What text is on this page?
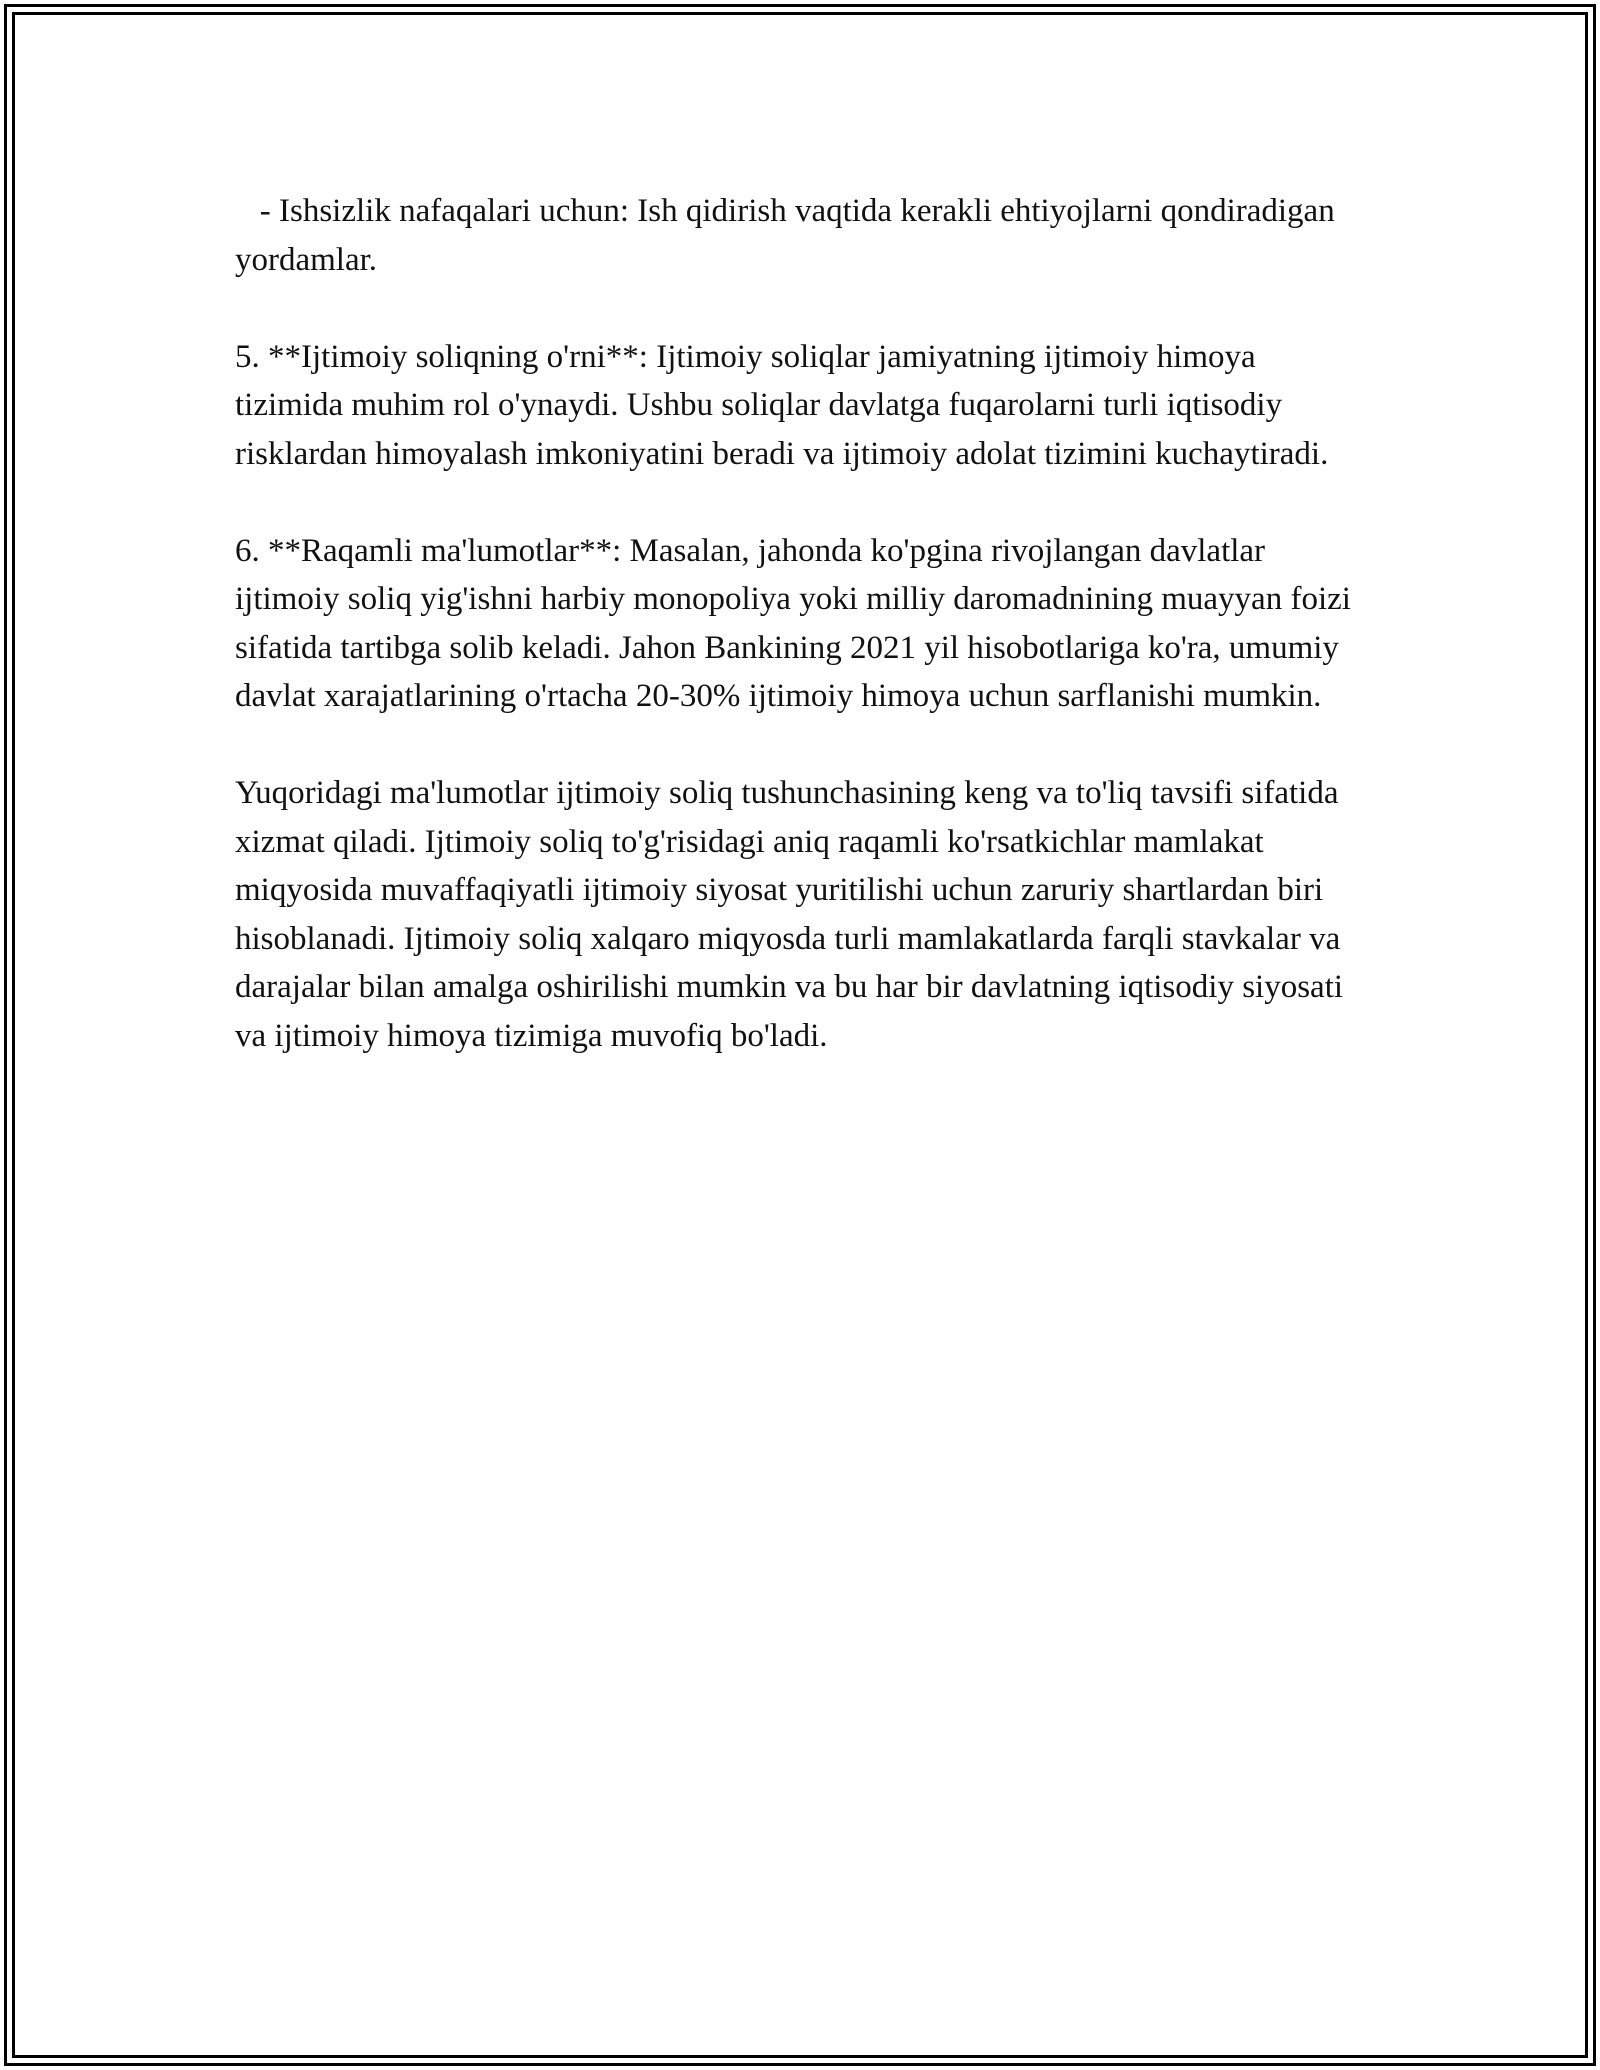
- Ishsizlik nafaqalari uchun: Ish qidirish vaqtida kerakli ehtiyojlarni qondiradigan yordamlar.

5. **Ijtimoiy soliqning o'rni**: Ijtimoiy soliqlar jamiyatning ijtimoiy himoya tizimida muhim rol o'ynaydi. Ushbu soliqlar davlatga fuqarolarni turli iqtisodiy risklardan himoyalash imkoniyatini beradi va ijtimoiy adolat tizimini kuchaytiradi.

6. **Raqamli ma'lumotlar**: Masalan, jahonda ko'pgina rivojlangan davlatlar ijtimoiy soliq yig'ishni harbiy monopoliya yoki milliy daromadnining muayyan foizi sifatida tartibga solib keladi. Jahon Bankining 2021 yil hisobotlariga ko'ra, umumiy davlat xarajatlarining o'rtacha 20-30% ijtimoiy himoya uchun sarflanishi mumkin.

Yuqoridagi ma'lumotlar ijtimoiy soliq tushunchasining keng va to'liq tavsifi sifatida xizmat qiladi. Ijtimoiy soliq to'g'risidagi aniq raqamli ko'rsatkichlar mamlakat miqyosida muvaffaqiyatli ijtimoiy siyosat yuritilishi uchun zaruriy shartlardan biri hisoblanadi. Ijtimoiy soliq xalqaro miqyosda turli mamlakatlarda farqli stavkalar va darajalar bilan amalga oshirilishi mumkin va bu har bir davlatning iqtisodiy siyosati va ijtimoiy himoya tizimiga muvofiq bo'ladi.
